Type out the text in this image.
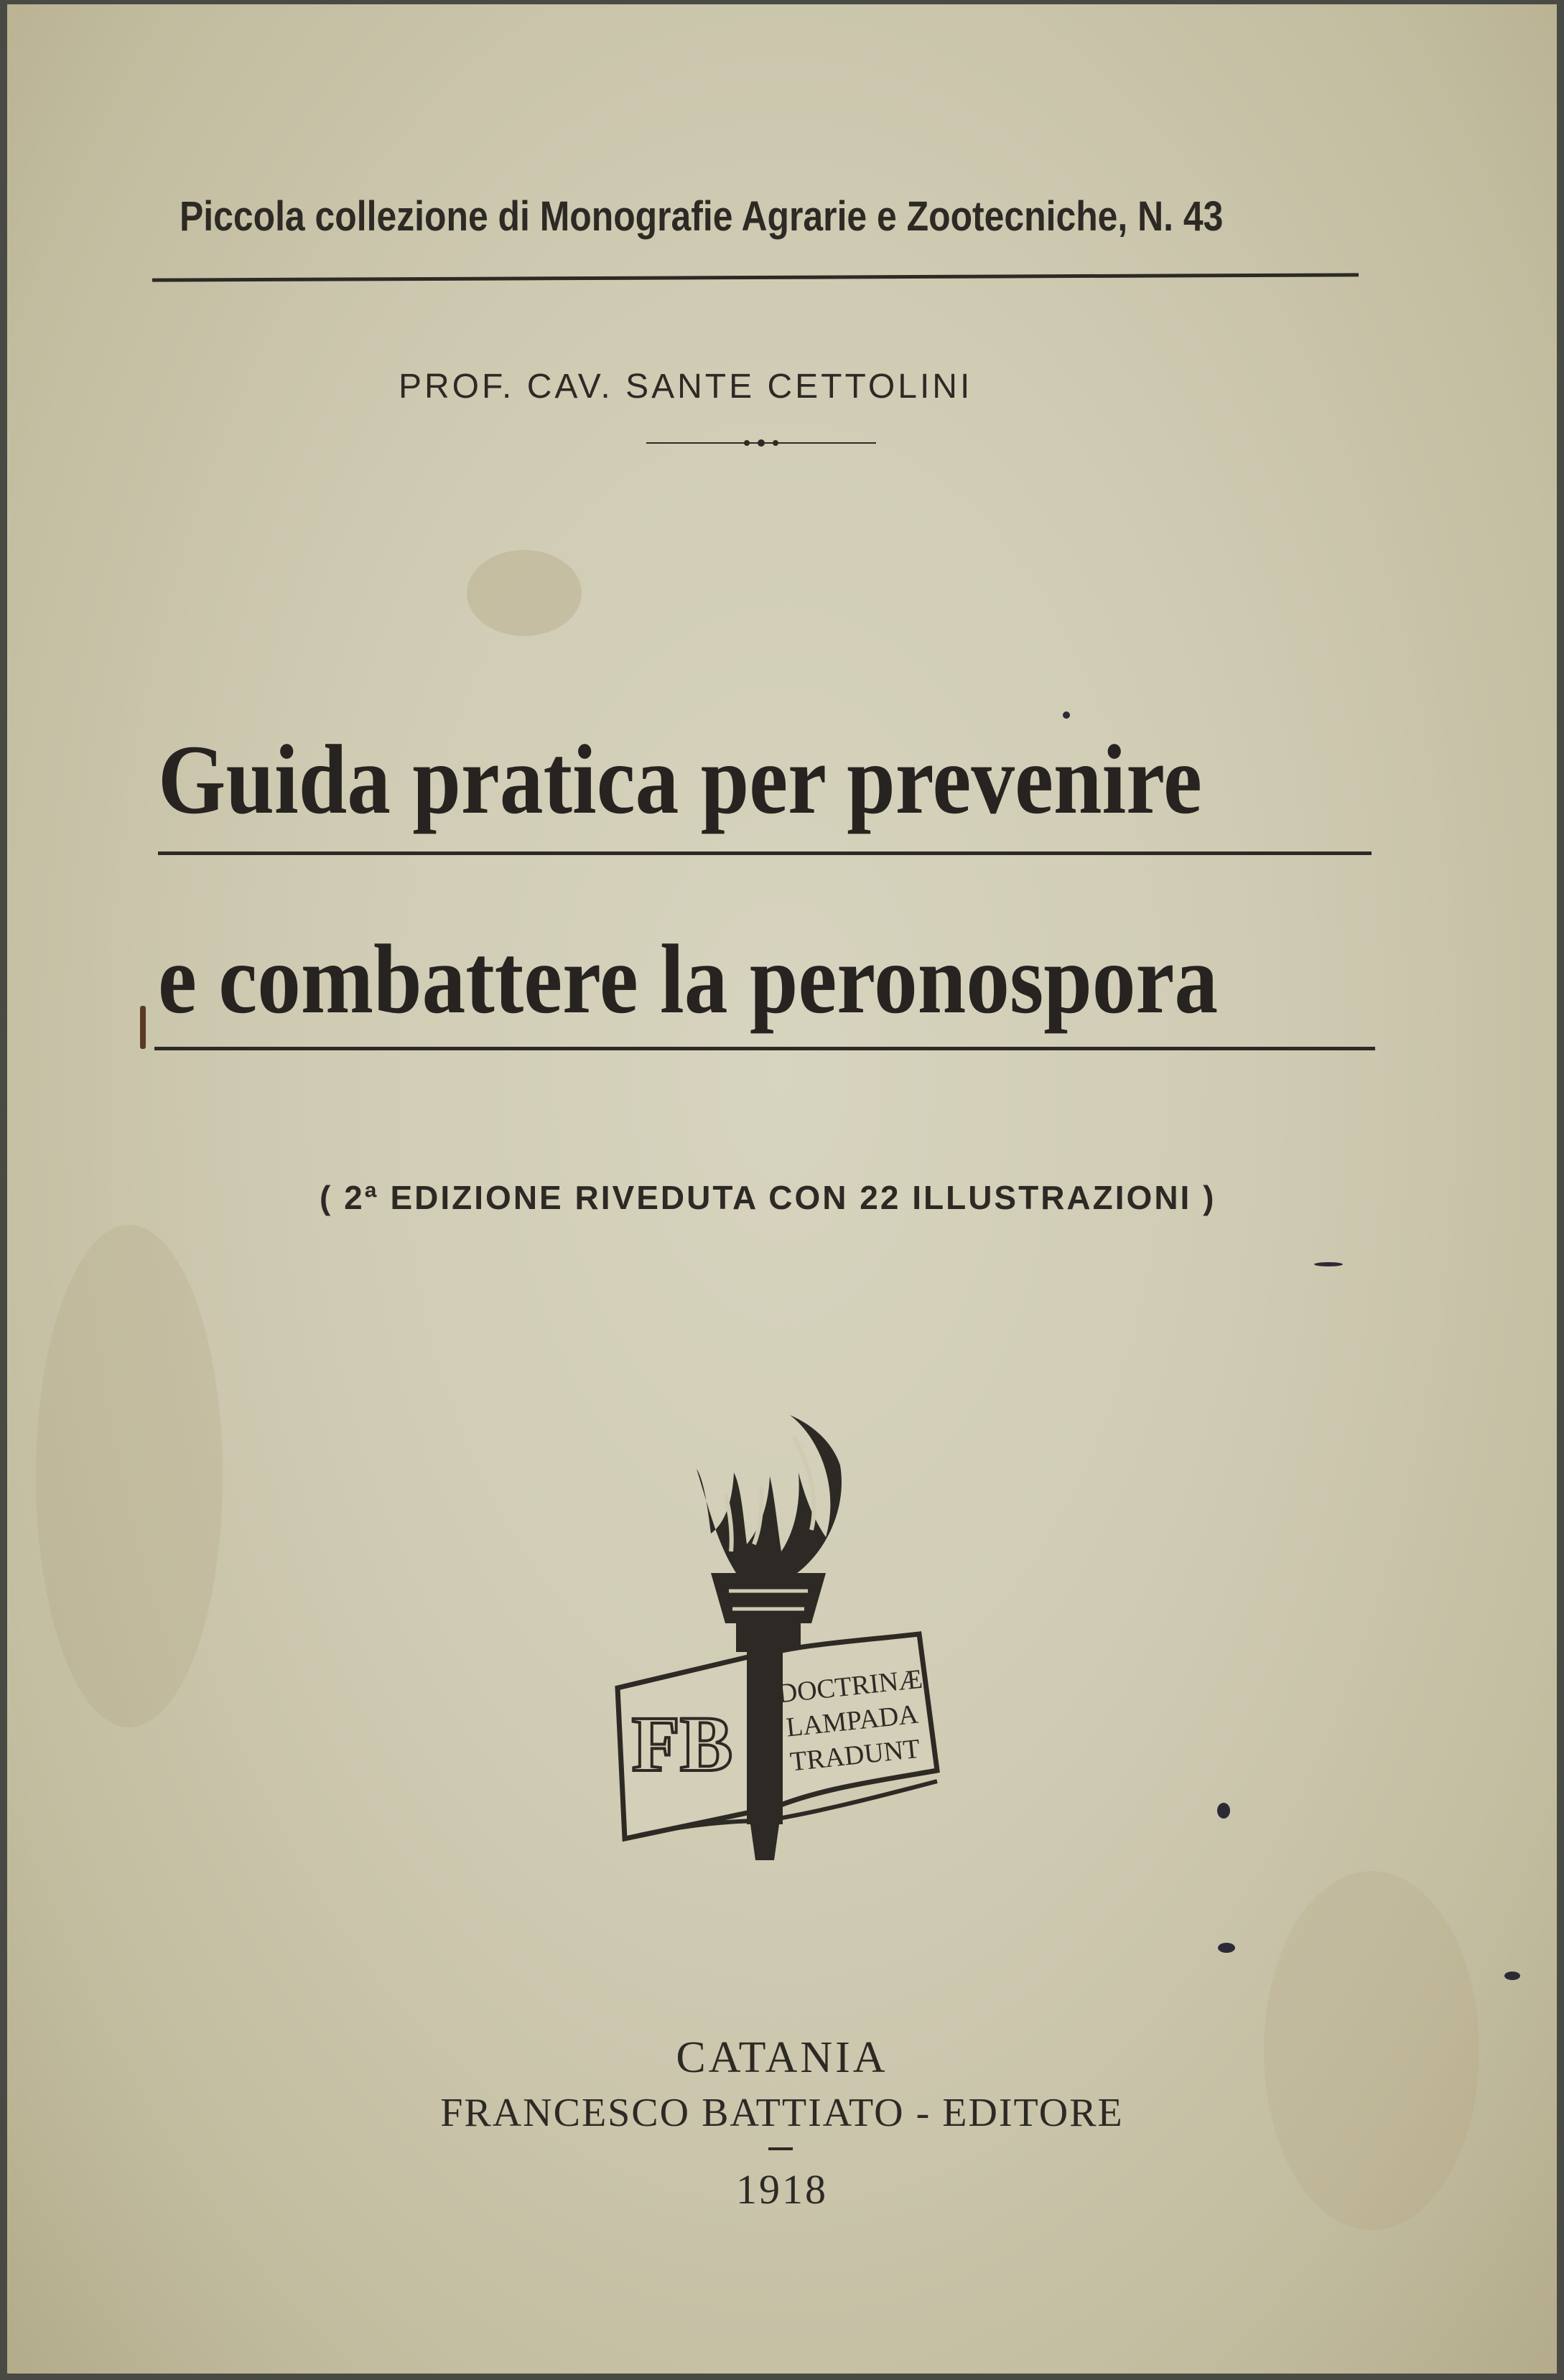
Piccola collezione di Monografie Agrarie e Zootecniche, N. 43
PROF. CAV. SANTE CETTOLINI
Guida pratica per prevenire
e combattere la peronospora
( 2ª EDIZIONE RIVEDUTA CON 22 ILLUSTRAZIONI )
FB
DOCTRINÆ
LAMPADA
TRADUNT
CATANIA
FRANCESCO BATTIATO - EDITORE
1918
